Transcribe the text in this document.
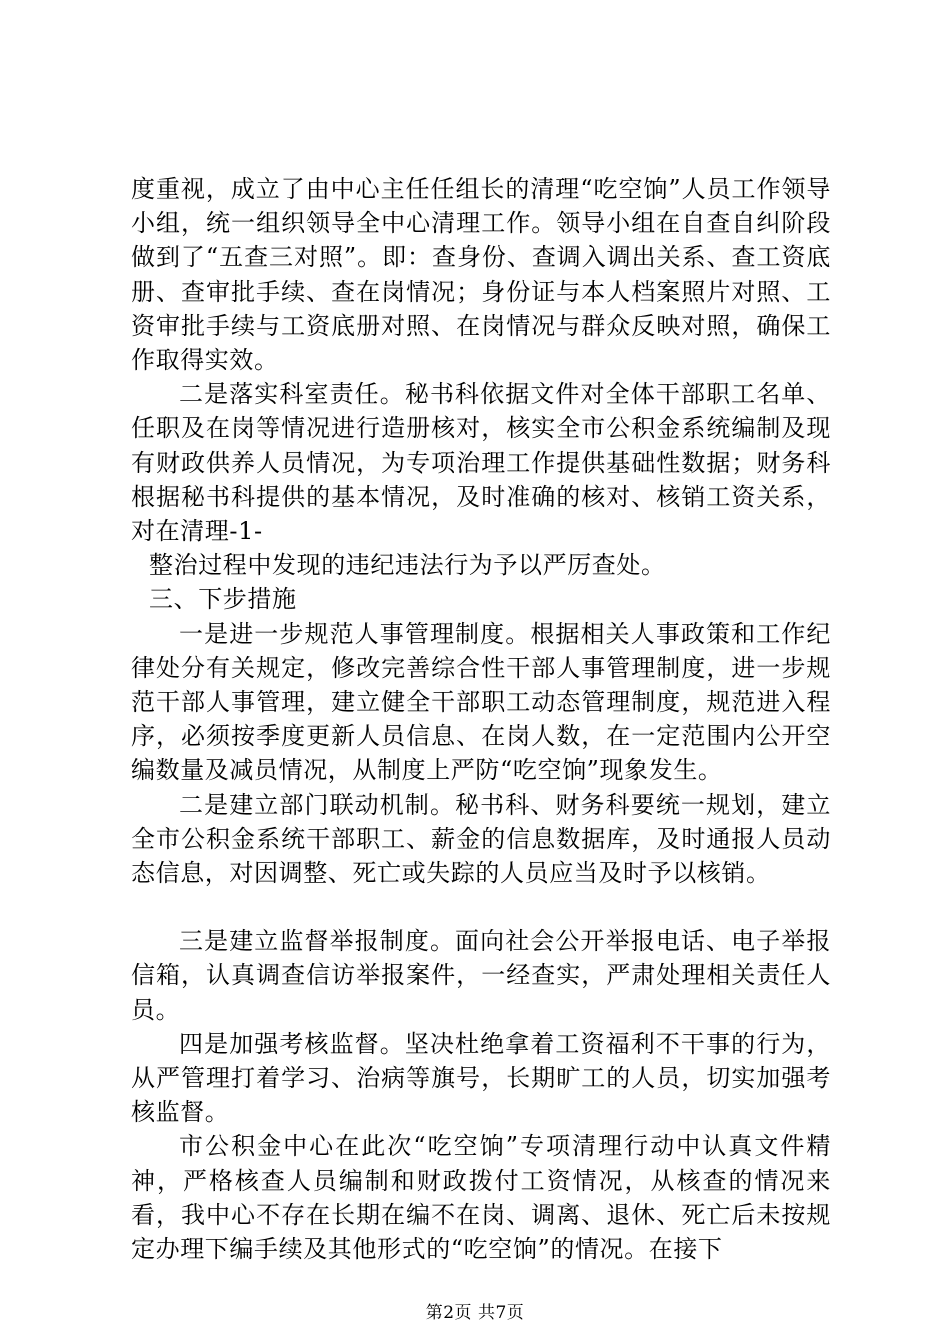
度重视，成立了由中心主任任组长的清理“吃空饷”人员工作领导小组，统一组织领导全中心清理工作。领导小组在自查自纠阶段做到了“五查三对照”。即：查身份、查调入调出关系、查工资底册、查审批手续、查在岗情况；身份证与本人档案照片对照、工资审批手续与工资底册对照、在岗情况与群众反映对照，确保工作取得实效。

二是落实科室责任。秘书科依据文件对全体干部职工名单、任职及在岗等情况进行造册核对，核实全市公积金系统编制及现有财政供养人员情况，为专项治理工作提供基础性数据；财务科根据秘书科提供的基本情况，及时准确的核对、核销工资关系，对在清理-1-

整治过程中发现的违纪违法行为予以严厉查处。

三、下步措施

一是进一步规范人事管理制度。根据相关人事政策和工作纪律处分有关规定，修改完善综合性干部人事管理制度，进一步规范干部人事管理，建立健全干部职工动态管理制度，规范进入程序，必须按季度更新人员信息、在岗人数，在一定范围内公开空编数量及减员情况，从制度上严防“吃空饷”现象发生。

二是建立部门联动机制。秘书科、财务科要统一规划，建立全市公积金系统干部职工、薪金的信息数据库，及时通报人员动态信息，对因调整、死亡或失踪的人员应当及时予以核销。

三是建立监督举报制度。面向社会公开举报电话、电子举报信箱，认真调查信访举报案件，一经查实，严肃处理相关责任人员。

四是加强考核监督。坚决杜绝拿着工资福利不干事的行为，从严管理打着学习、治病等旗号，长期旷工的人员，切实加强考核监督。

市公积金中心在此次“吃空饷”专项清理行动中认真文件精神，严格核查人员编制和财政拨付工资情况，从核查的情况来看，我中心不存在长期在编不在岗、调离、退休、死亡后未按规定办理下编手续及其他形式的“吃空饷”的情况。在接下

第2页 共7页
